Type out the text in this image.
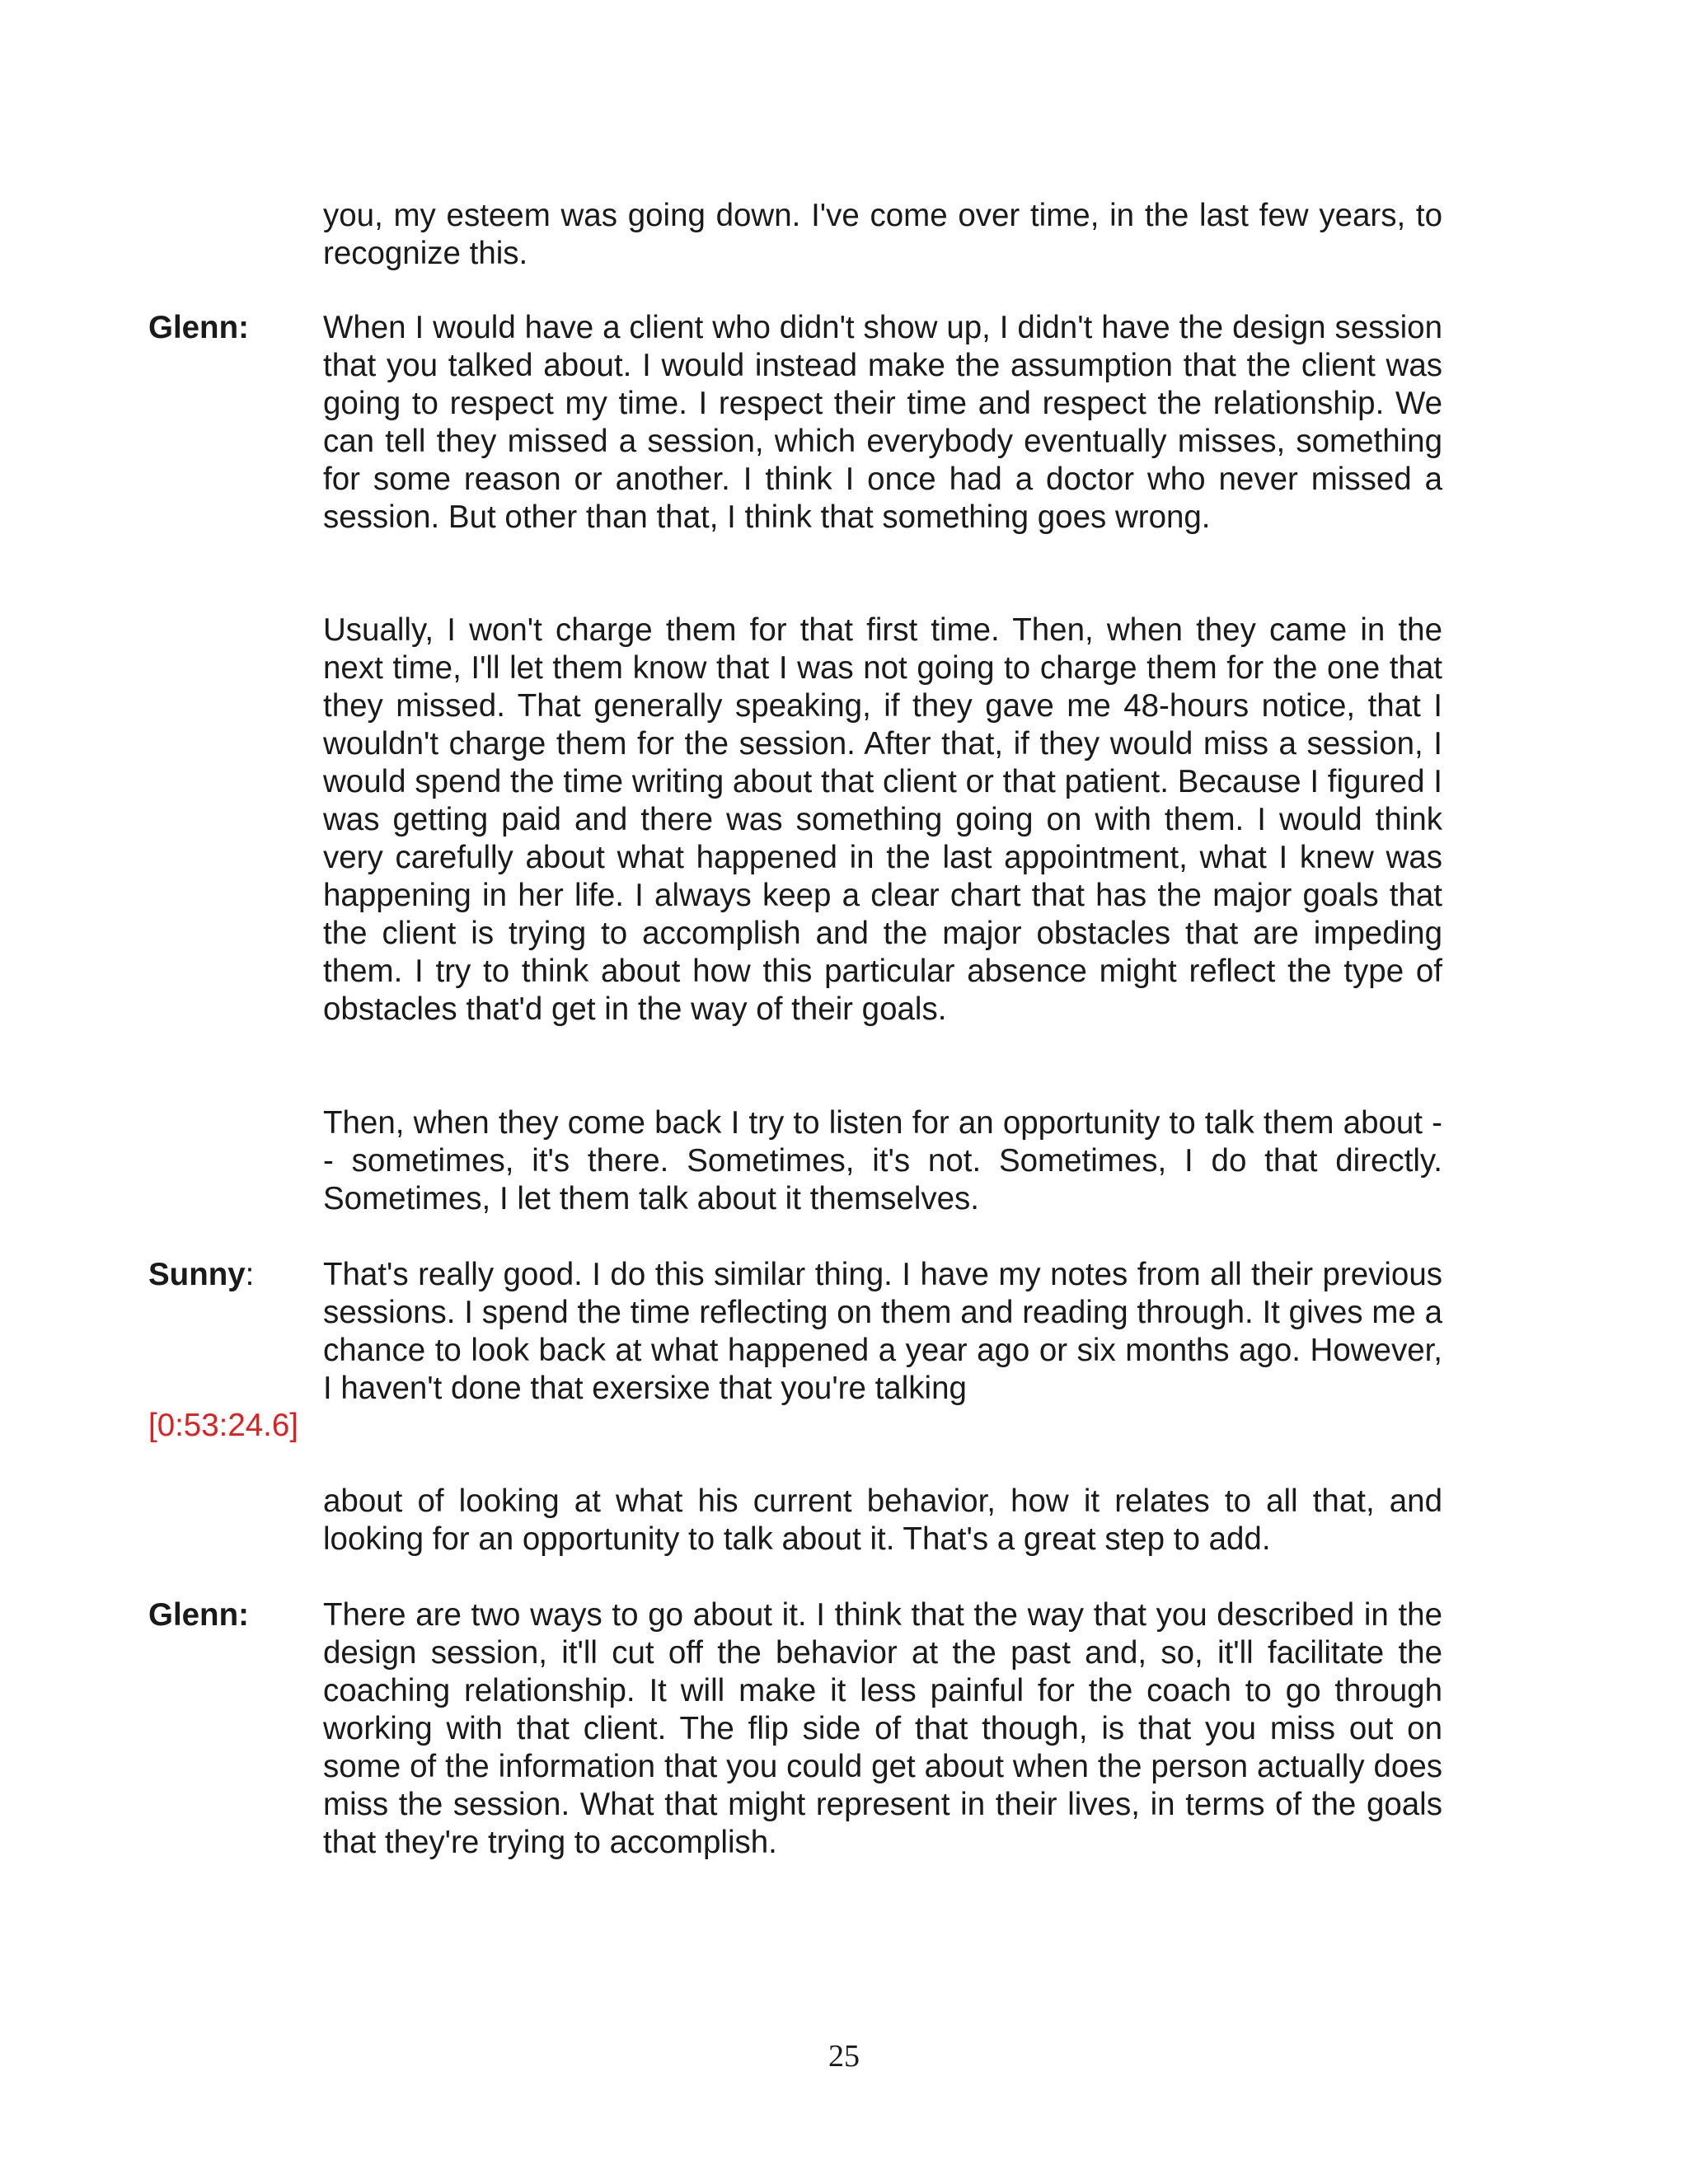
you, my esteem was going down. I've come over time, in the last few years, to recognize this.

Glenn: When I would have a client who didn't show up, I didn't have the design session that you talked about. I would instead make the assumption that the client was going to respect my time. I respect their time and respect the relationship. We can tell they missed a session, which everybody eventually misses, something for some reason or another. I think I once had a doctor who never missed a session. But other than that, I think that something goes wrong.

Usually, I won't charge them for that first time. Then, when they came in the next time, I'll let them know that I was not going to charge them for the one that they missed. That generally speaking, if they gave me 48-hours notice, that I wouldn't charge them for the session. After that, if they would miss a session, I would spend the time writing about that client or that patient. Because I figured I was getting paid and there was something going on with them. I would think very carefully about what happened in the last appointment, what I knew was happening in her life. I always keep a clear chart that has the major goals that the client is trying to accomplish and the major obstacles that are impeding them. I try to think about how this particular absence might reflect the type of obstacles that'd get in the way of their goals.

Then, when they come back I try to listen for an opportunity to talk them about -- sometimes, it's there. Sometimes, it's not. Sometimes, I do that directly. Sometimes, I let them talk about it themselves.

Sunny: That's really good. I do this similar thing. I have my notes from all their previous sessions. I spend the time reflecting on them and reading through. It gives me a chance to look back at what happened a year ago or six months ago. However, I haven't done that exersixe that you're talking

[0:53:24.6]

about of looking at what his current behavior, how it relates to all that, and looking for an opportunity to talk about it. That's a great step to add.

Glenn: There are two ways to go about it. I think that the way that you described in the design session, it'll cut off the behavior at the past and, so, it'll facilitate the coaching relationship. It will make it less painful for the coach to go through working with that client. The flip side of that though, is that you miss out on some of the information that you could get about when the person actually does miss the session. What that might represent in their lives, in terms of the goals that they're trying to accomplish.

25
